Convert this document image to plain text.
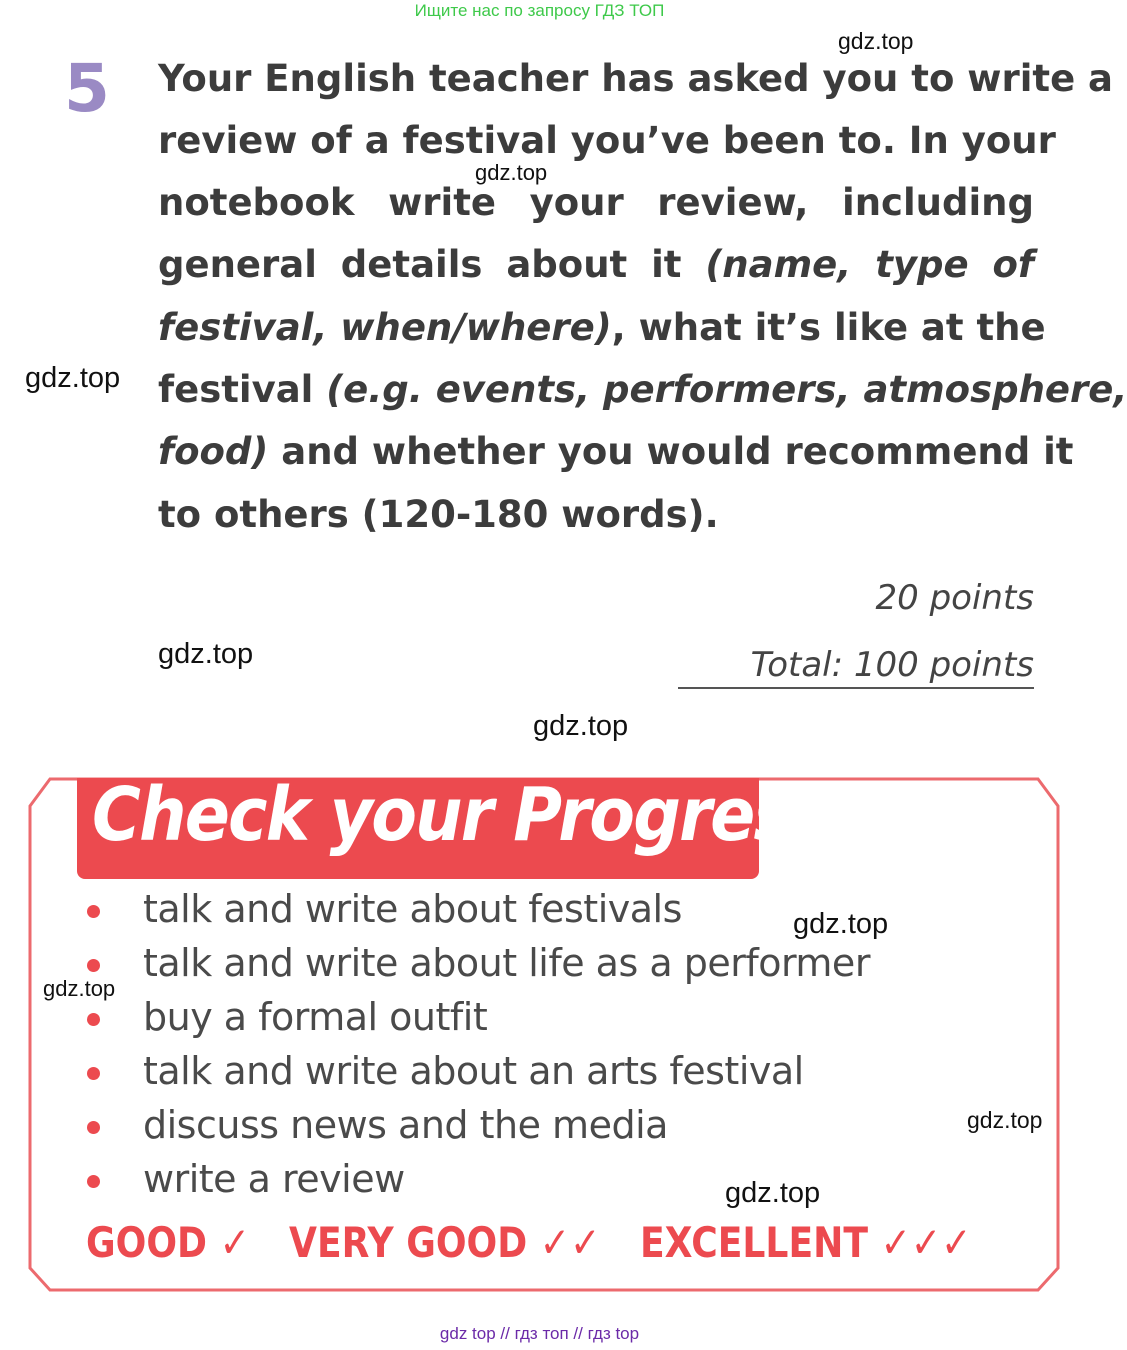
Ищите нас по запросу ГДЗ ТОП
gdz.top
gdz.top
gdz.top
gdz.top
gdz.top
5 Your English teacher has asked you to write a
review of a festival you’ve been to. In your
notebook write your review, including
general details about it (name, type of
festival, when/where), what it’s like at the
festival (e.g. events, performers, atmosphere,
food) and whether you would recommend it
to others (120-180 words).
20 points
Total: 100 points
Check your Progress
talk and write about festivals
talk and write about life as a performer
buy a formal outfit
talk and write about an arts festival
discuss news and the media
write a review
gdz.top
gdz.top
gdz.top
gdz.top
GOOD ✓ VERY GOOD ✓✓ EXCELLENT ✓✓✓
gdz top // гдз топ // гдз top
